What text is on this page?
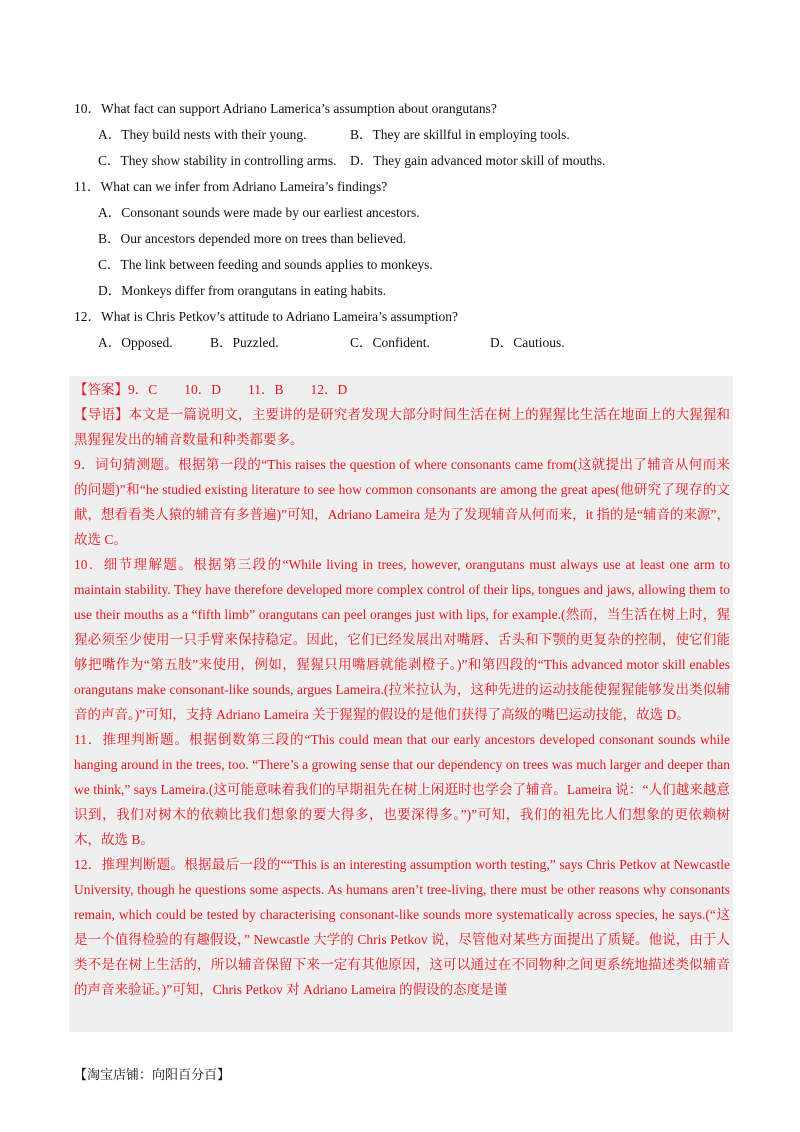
10．What fact can support Adriano Lamerica’s assumption about orangutans?
A．They build nests with their young.	B．They are skillful in employing tools.
C．They show stability in controlling arms. D．They gain advanced motor skill of mouths.
11．What can we infer from Adriano Lameira’s findings?
A．Consonant sounds were made by our earliest ancestors.
B．Our ancestors depended more on trees than believed.
C．The link between feeding and sounds applies to monkeys.
D．Monkeys differ from orangutans in eating habits.
12．What is Chris Petkov’s attitude to Adriano Lameira’s assumption?
A．Opposed.	B．Puzzled.	C．Confident.	D．Cautious.

【答案】9．C　　10．D　　11．B　　12．D

【导语】本文是一篇说明文，主要讲的是研究者发现大部分时间生活在树上的猩猩比生活在地面上的大猩猩和黑猩猩发出的辅音数量和种类都要多。

9．词句猜测题。根据第一段的“This raises the question of where consonants came from(这就提出了辅音从何而来的问题)”和“he studied existing literature to see how common consonants are among the great apes(他研究了现存的文献，想看看类人猿的辅音有多普遍)”可知，Adriano Lameira 是为了发现辅音从何而来，it 指的是“辅音的来源”，故选 C。

10．细节理解题。根据第三段的“While living in trees, however, orangutans must always use at least one arm to maintain stability. They have therefore developed more complex control of their lips, tongues and jaws, allowing them to use their mouths as a “fifth limb” orangutans can peel oranges just with lips, for example.(然而，当生活在树上时，猩猩必须至少使用一只手臂来保持稳定。因此，它们已经发展出对嘴唇、舌头和下颚的更复杂的控制，使它们能够把嘴作为“第五肢”来使用，例如，猩猩只用嘴唇就能剥橙子。)”和第四段的“This advanced motor skill enables orangutans make consonant-like sounds, argues Lameira.(拉米拉认为，这种先进的运动技能使猩猩能够发出类似辅音的声音。)”可知，支持 Adriano Lameira 关于猩猩的假设的是他们获得了高级的嘴巴运动技能，故选 D。

11．推理判断题。根据倒数第三段的“This could mean that our early ancestors developed consonant sounds while hanging around in the trees, too. “There’s a growing sense that our dependency on trees was much larger and deeper than we think,” says Lameira.(这可能意味着我们的早期祖先在树上闲逛时也学会了辅音。Lameira 说：“人们越来越意识到，我们对树木的依赖比我们想象的要大得多，也要深得多。”)”可知，我们的祖先比人们想象的更依赖树木，故选 B。

12．推理判断题。根据最后一段的““This is an interesting assumption worth testing,” says Chris Petkov at Newcastle University, though he questions some aspects. As humans aren’t tree-living, there must be other reasons why consonants remain, which could be tested by characterising consonant-like sounds more systematically across species, he says.(“这是一个值得检验的有趣假设，” Newcastle 大学的 Chris Petkov 说，尽管他对某些方面提出了质疑。他说，由于人类不是在树上生活的，所以辅音保留下来一定有其他原因，这可以通过在不同物种之间更系统地描述类似辅音的声音来验证。)”可知，Chris Petkov 对 Adriano Lameira 的假设的态度是谨

【淘宝店铺：向阳百分百】
